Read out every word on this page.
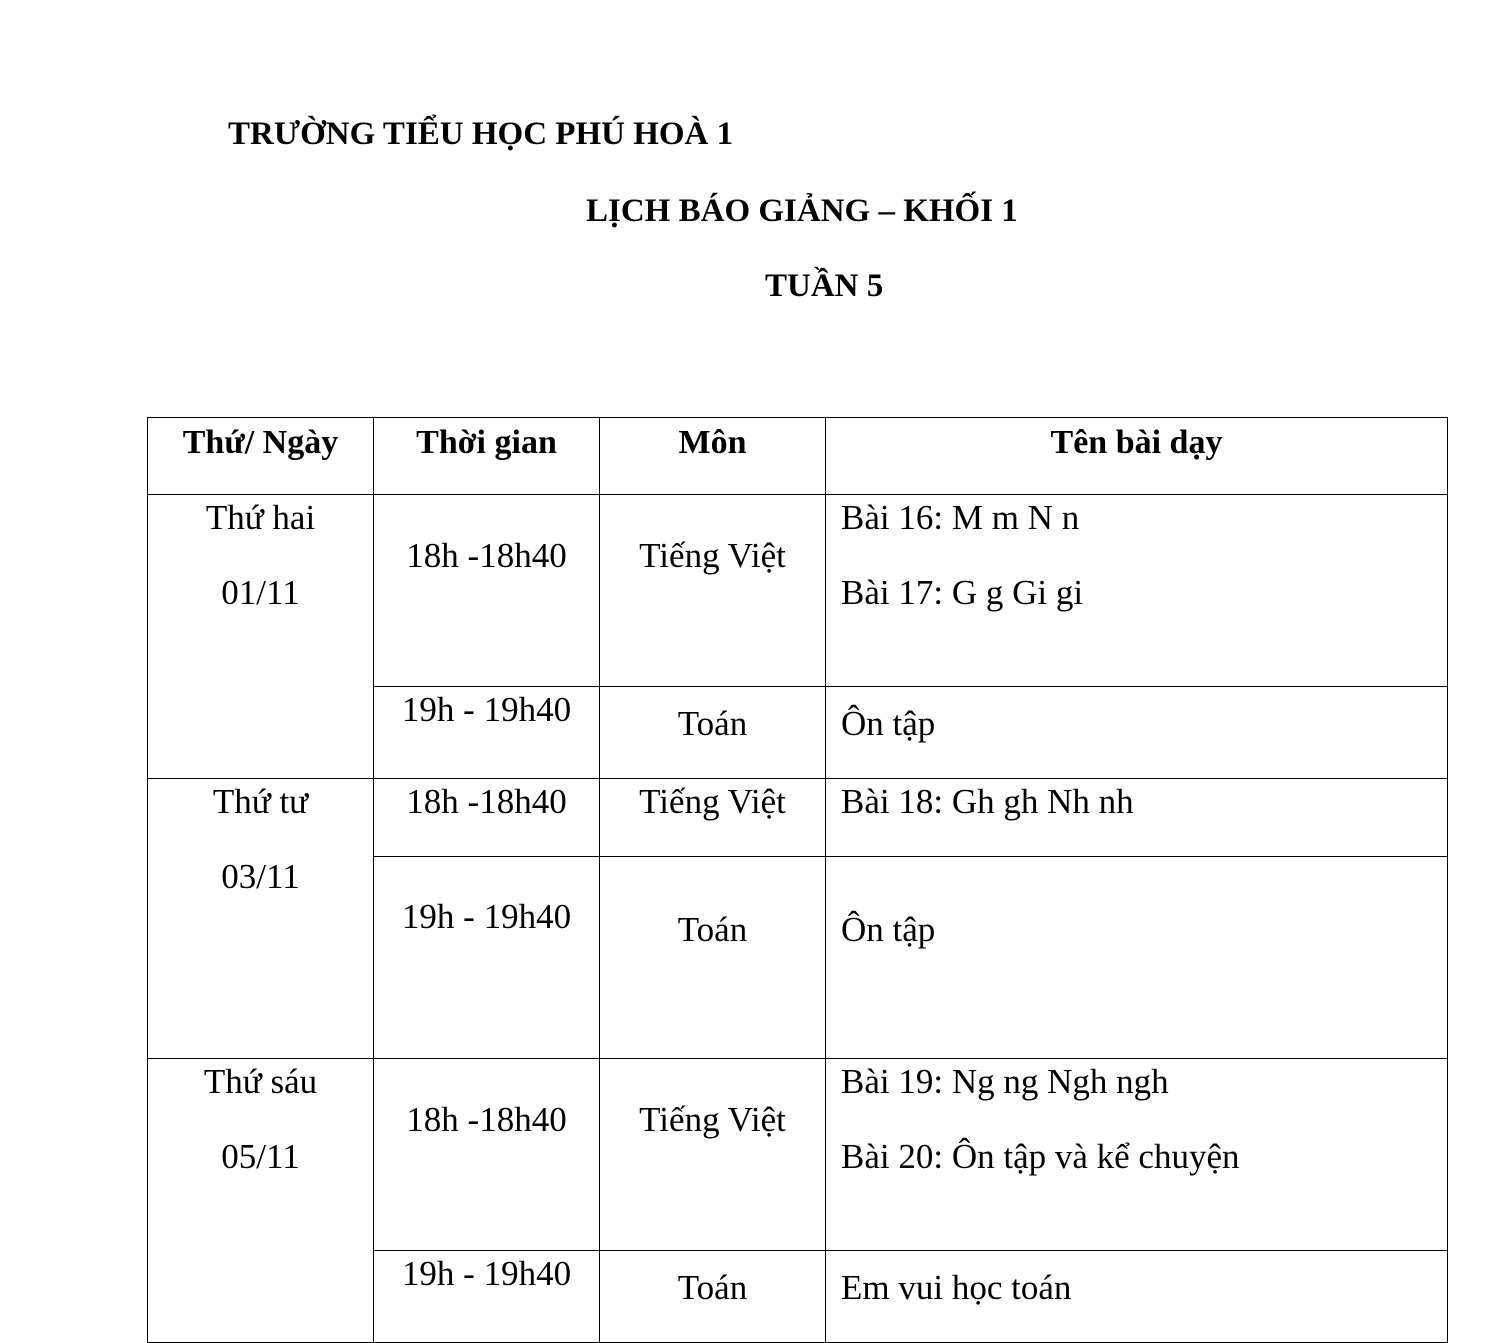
TRƯỜNG TIỂU HỌC PHÚ HOÀ 1
LỊCH BÁO GIẢNG – KHỐI 1
TUẦN 5
Thứ/ Ngày	Thời gian	Môn	Tên bài dạy

Thứ hai
01/11	18h -18h40	Tiếng Việt	Bài 16: M m N n
Bài 17: G g Gi gi

	19h - 19h40	Toán	Ôn tập

Thứ tư
03/11	18h -18h40	Tiếng Việt	Bài 18: Gh gh Nh nh
	19h - 19h40	Toán	Ôn tập

Thứ sáu
05/11	18h -18h40	Tiếng Việt	Bài 19: Ng ng Ngh ngh
Bài 20: Ôn tập và kể chuyện

	19h - 19h40	Toán	Em vui học toán
